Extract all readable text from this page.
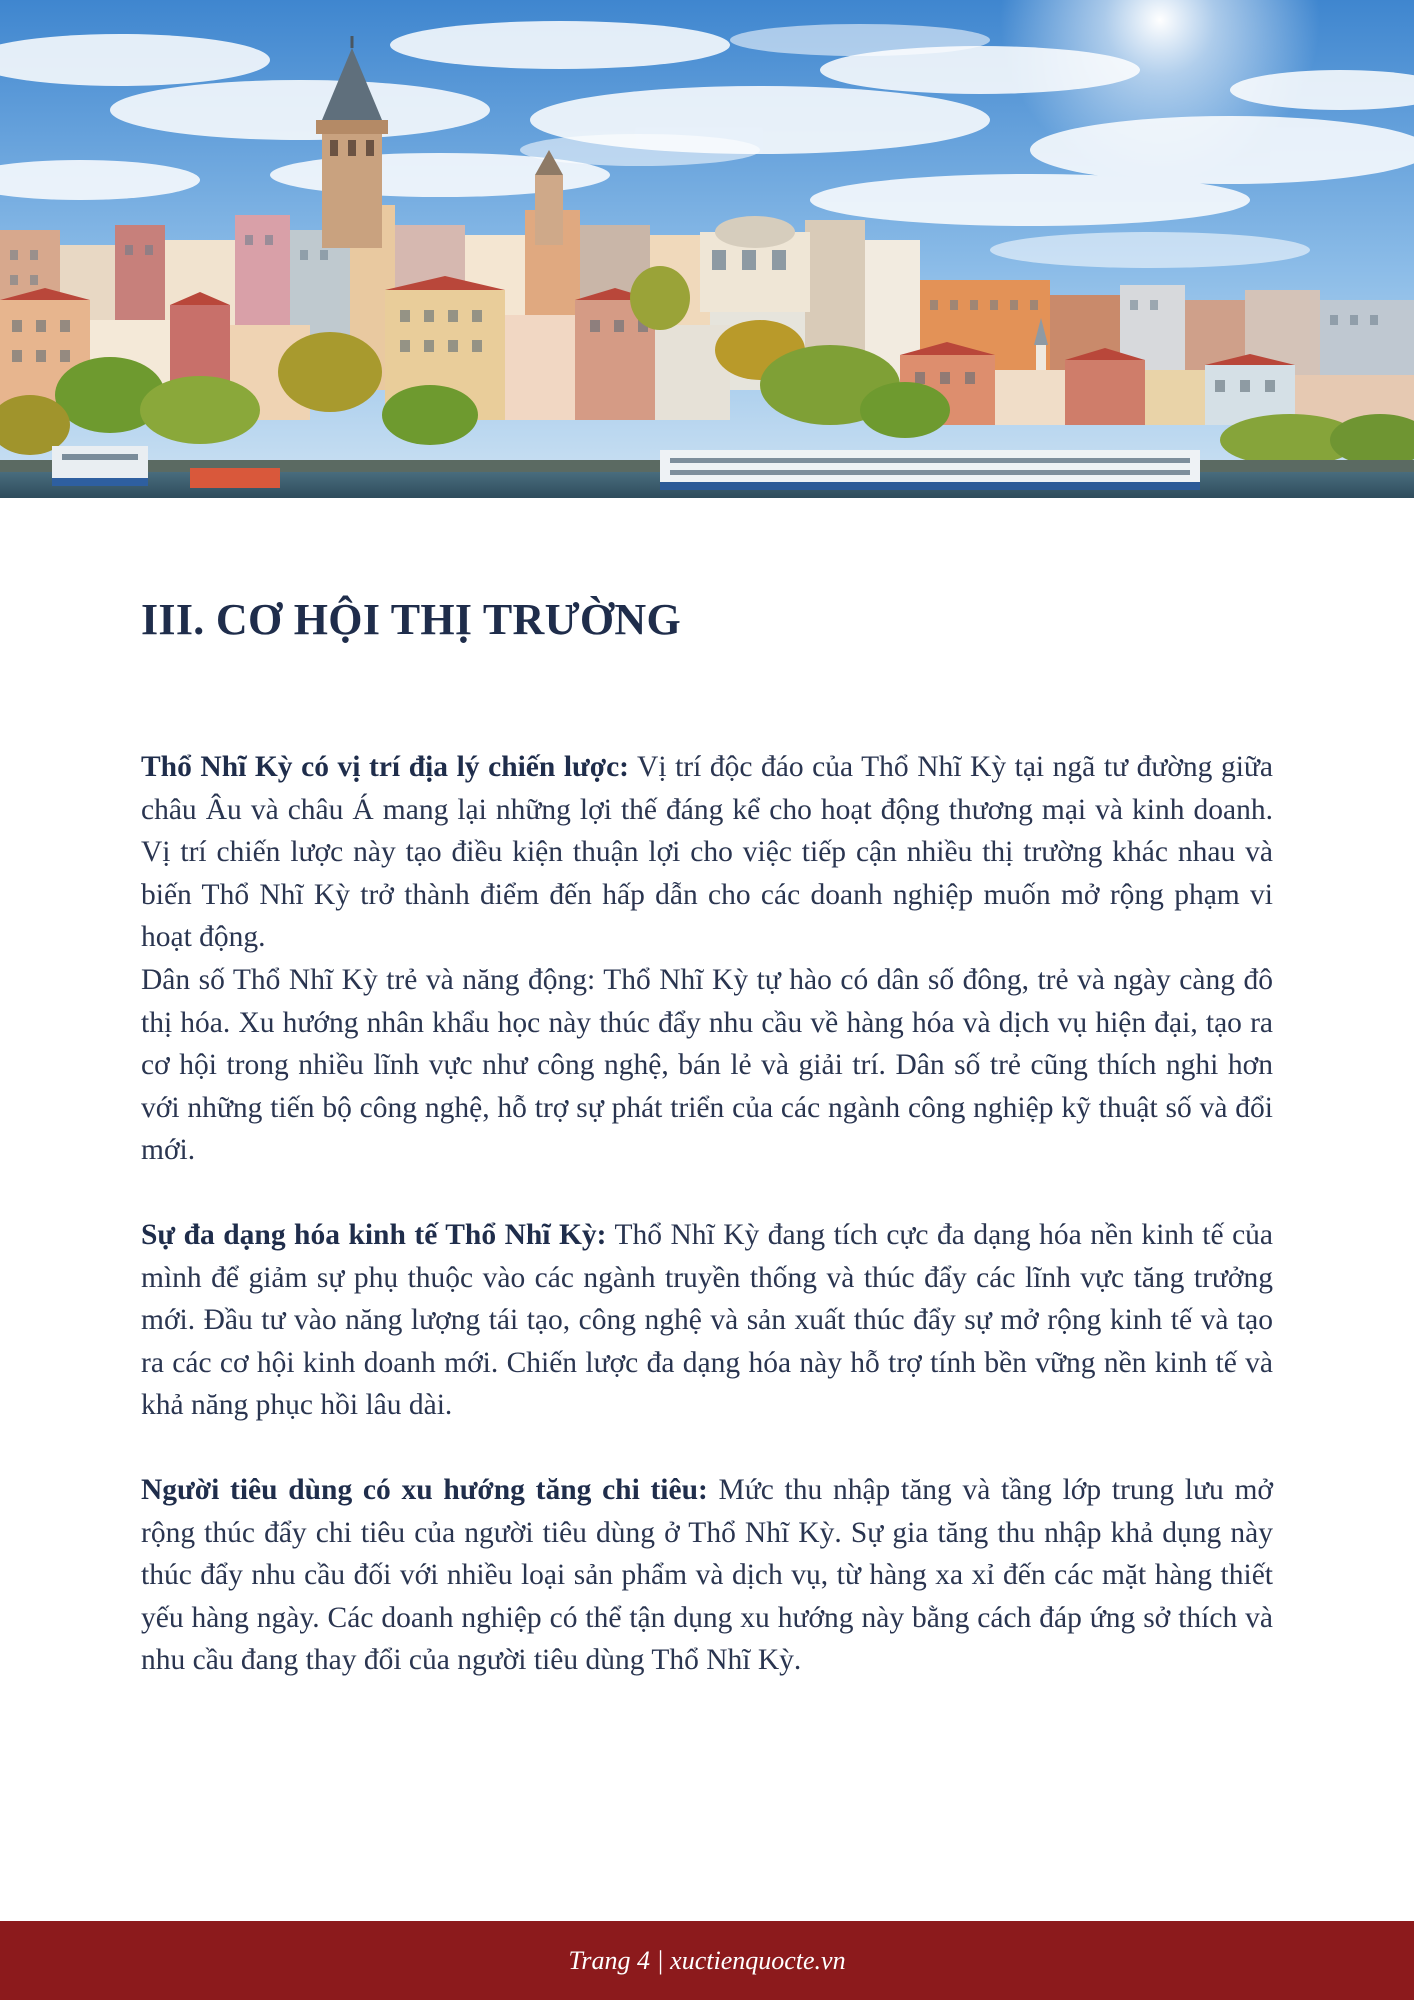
III. CƠ HỘI THỊ TRƯỜNG

Thổ Nhĩ Kỳ có vị trí địa lý chiến lược: Vị trí độc đáo của Thổ Nhĩ Kỳ tại ngã tư đường giữa châu Âu và châu Á mang lại những lợi thế đáng kể cho hoạt động thương mại và kinh doanh. Vị trí chiến lược này tạo điều kiện thuận lợi cho việc tiếp cận nhiều thị trường khác nhau và biến Thổ Nhĩ Kỳ trở thành điểm đến hấp dẫn cho các doanh nghiệp muốn mở rộng phạm vi hoạt động.

Dân số Thổ Nhĩ Kỳ trẻ và năng động: Thổ Nhĩ Kỳ tự hào có dân số đông, trẻ và ngày càng đô thị hóa. Xu hướng nhân khẩu học này thúc đẩy nhu cầu về hàng hóa và dịch vụ hiện đại, tạo ra cơ hội trong nhiều lĩnh vực như công nghệ, bán lẻ và giải trí. Dân số trẻ cũng thích nghi hơn với những tiến bộ công nghệ, hỗ trợ sự phát triển của các ngành công nghiệp kỹ thuật số và đổi mới.

Sự đa dạng hóa kinh tế Thổ Nhĩ Kỳ: Thổ Nhĩ Kỳ đang tích cực đa dạng hóa nền kinh tế của mình để giảm sự phụ thuộc vào các ngành truyền thống và thúc đẩy các lĩnh vực tăng trưởng mới. Đầu tư vào năng lượng tái tạo, công nghệ và sản xuất thúc đẩy sự mở rộng kinh tế và tạo ra các cơ hội kinh doanh mới. Chiến lược đa dạng hóa này hỗ trợ tính bền vững nền kinh tế và khả năng phục hồi lâu dài.

Người tiêu dùng có xu hướng tăng chi tiêu: Mức thu nhập tăng và tầng lớp trung lưu mở rộng thúc đẩy chi tiêu của người tiêu dùng ở Thổ Nhĩ Kỳ. Sự gia tăng thu nhập khả dụng này thúc đẩy nhu cầu đối với nhiều loại sản phẩm và dịch vụ, từ hàng xa xỉ đến các mặt hàng thiết yếu hàng ngày. Các doanh nghiệp có thể tận dụng xu hướng này bằng cách đáp ứng sở thích và nhu cầu đang thay đổi của người tiêu dùng Thổ Nhĩ Kỳ.

Trang 4 | xuctienquocte.vn
